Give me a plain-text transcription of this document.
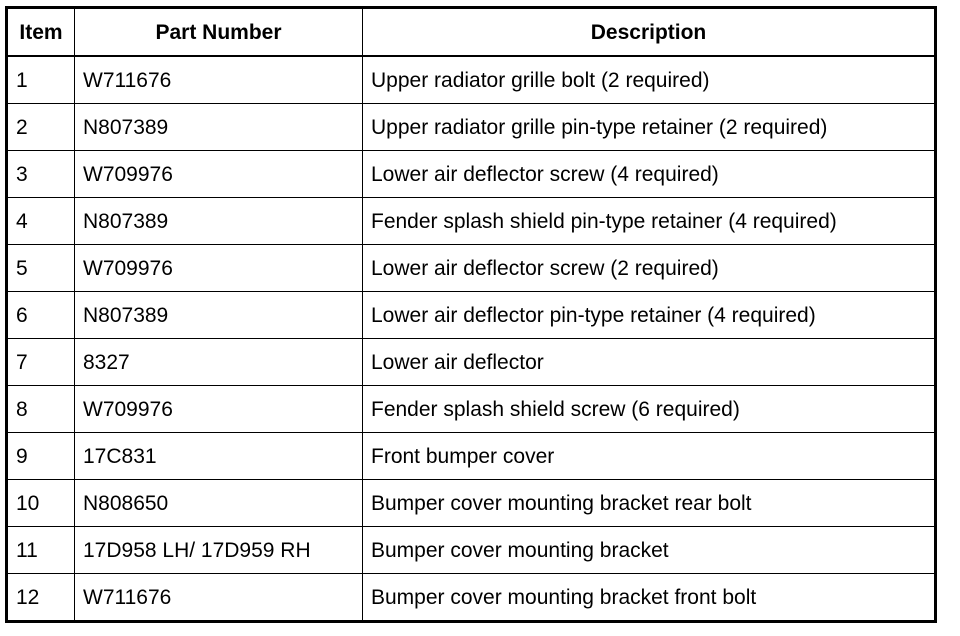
Item	Part Number	Description
1	W711676	Upper radiator grille bolt (2 required)
2	N807389	Upper radiator grille pin-type retainer (2 required)
3	W709976	Lower air deflector screw (4 required)
4	N807389	Fender splash shield pin-type retainer (4 required)
5	W709976	Lower air deflector screw (2 required)
6	N807389	Lower air deflector pin-type retainer (4 required)
7	8327	Lower air deflector
8	W709976	Fender splash shield screw (6 required)
9	17C831	Front bumper cover
10	N808650	Bumper cover mounting bracket rear bolt
11	17D958 LH/ 17D959 RH	Bumper cover mounting bracket
12	W711676	Bumper cover mounting bracket front bolt
